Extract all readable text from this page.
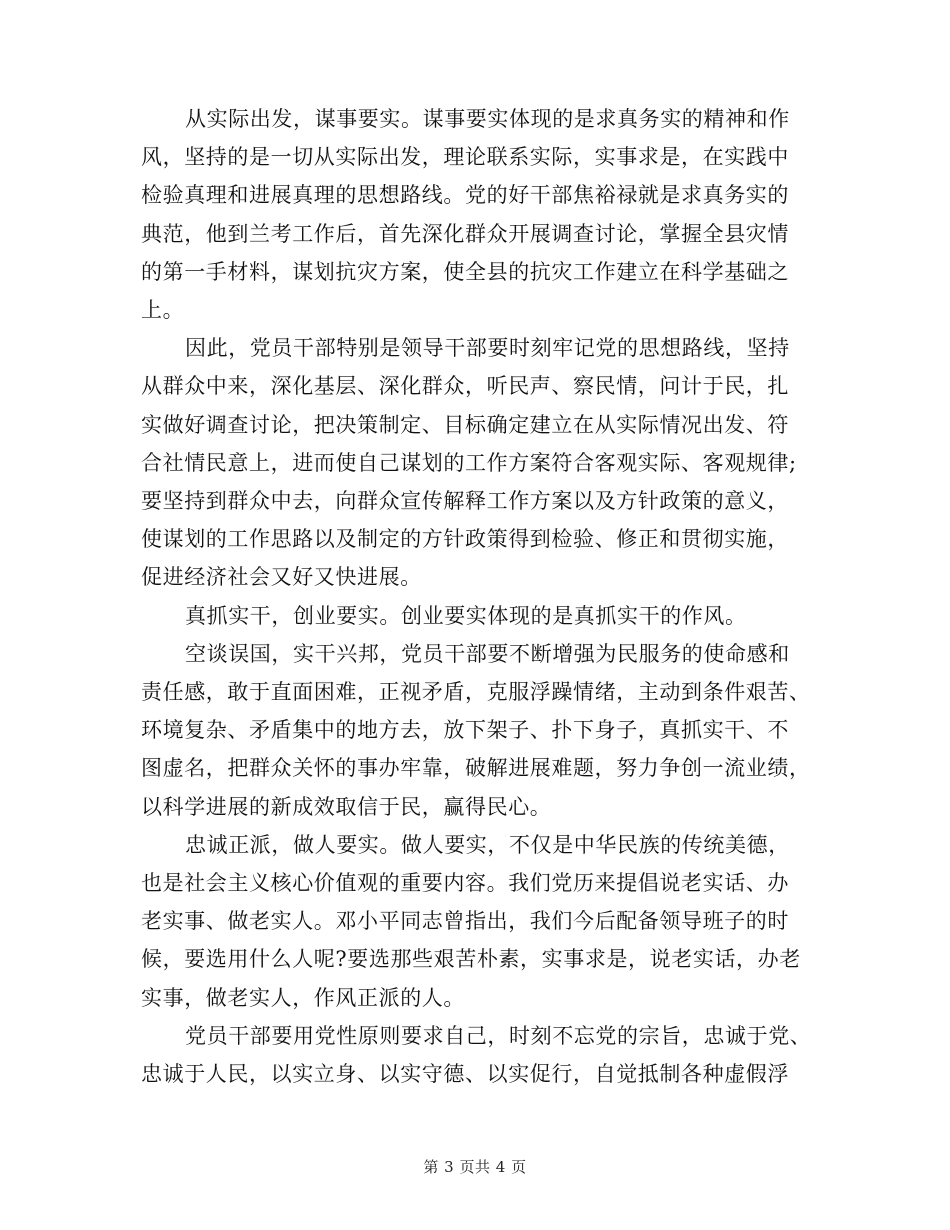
从实际出发，谋事要实。谋事要实体现的是求真务实的精神和作
风，坚持的是一切从实际出发，理论联系实际，实事求是，在实践中
检验真理和进展真理的思想路线。党的好干部焦裕禄就是求真务实的
典范，他到兰考工作后，首先深化群众开展调查讨论，掌握全县灾情
的第一手材料，谋划抗灾方案，使全县的抗灾工作建立在科学基础之
上。
因此，党员干部特别是领导干部要时刻牢记党的思想路线，坚持
从群众中来，深化基层、深化群众，听民声、察民情，问计于民，扎
实做好调查讨论，把决策制定、目标确定建立在从实际情况出发、符
合社情民意上，进而使自己谋划的工作方案符合客观实际、客观规律;
要坚持到群众中去，向群众宣传解释工作方案以及方针政策的意义，
使谋划的工作思路以及制定的方针政策得到检验、修正和贯彻实施，
促进经济社会又好又快进展。
真抓实干，创业要实。创业要实体现的是真抓实干的作风。
空谈误国，实干兴邦，党员干部要不断增强为民服务的使命感和
责任感，敢于直面困难，正视矛盾，克服浮躁情绪，主动到条件艰苦、
环境复杂、矛盾集中的地方去，放下架子、扑下身子，真抓实干、不
图虚名，把群众关怀的事办牢靠，破解进展难题，努力争创一流业绩，
以科学进展的新成效取信于民，赢得民心。
忠诚正派，做人要实。做人要实，不仅是中华民族的传统美德，
也是社会主义核心价值观的重要内容。我们党历来提倡说老实话、办
老实事、做老实人。邓小平同志曾指出，我们今后配备领导班子的时
候，要选用什么人呢?要选那些艰苦朴素，实事求是，说老实话，办老
实事，做老实人，作风正派的人。
党员干部要用党性原则要求自己，时刻不忘党的宗旨，忠诚于党、
忠诚于人民，以实立身、以实守德、以实促行，自觉抵制各种虚假浮
第 3 页共 4 页
